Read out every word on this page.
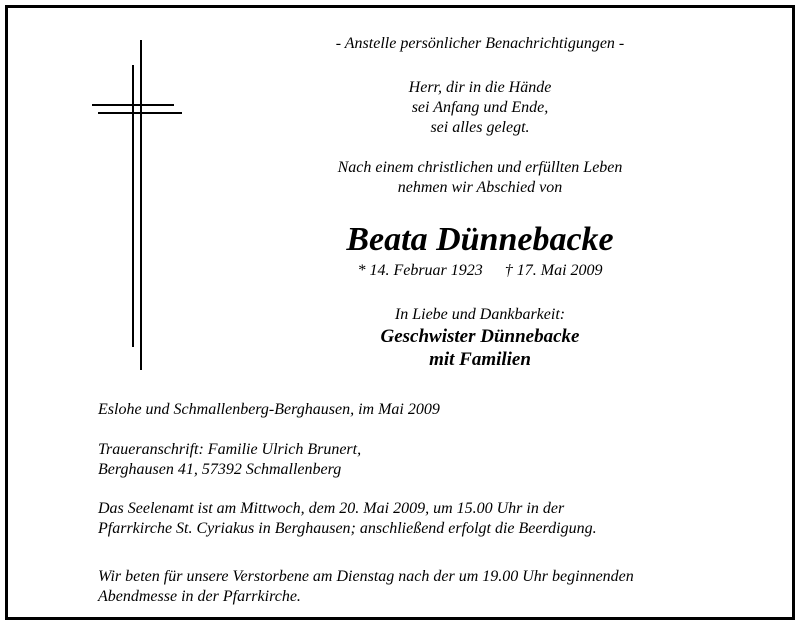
- Anstelle persönlicher Benachrichtigungen -
Herr, dir in die Hände
sei Anfang und Ende,
sei alles gelegt.
Nach einem christlichen und erfüllten Leben
nehmen wir Abschied von
Beata Dünnebacke
* 14. Februar 1923 † 17. Mai 2009
In Liebe und Dankbarkeit:
Geschwister Dünnebacke
mit Familien
Eslohe und Schmallenberg-Berghausen, im Mai 2009
Traueranschrift: Familie Ulrich Brunert,
Berghausen 41, 57392 Schmallenberg
Das Seelenamt ist am Mittwoch, dem 20. Mai 2009, um 15.00 Uhr in der
Pfarrkirche St. Cyriakus in Berghausen; anschließend erfolgt die Beerdigung.
Wir beten für unsere Verstorbene am Dienstag nach der um 19.00 Uhr beginnenden
Abendmesse in der Pfarrkirche.
